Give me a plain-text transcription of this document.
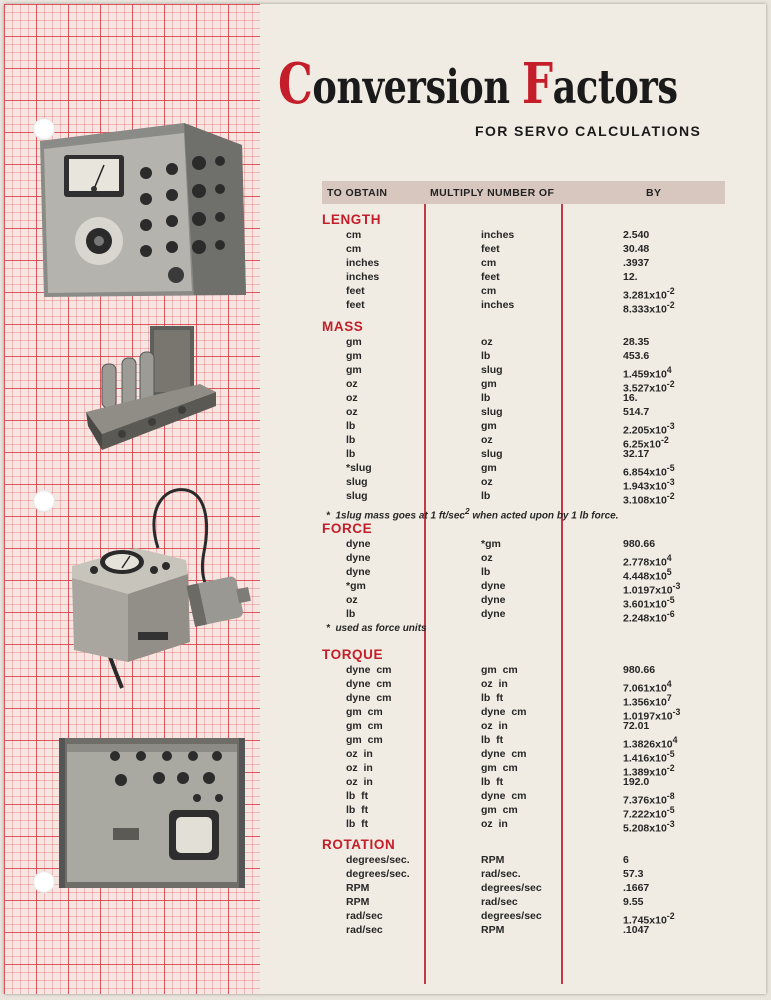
Conversion Factors
FOR SERVO CALCULATIONS
TO OBTAIN	MULTIPLY NUMBER OF	BY
LENGTH
cm	inches	2.540
cm	feet	30.48
inches	cm	.3937
inches	feet	12.
feet	cm	$3.281x10^{-2}$
feet	inches	$8.333x10^{-2}$
MASS
gm	oz	28.35
gm	lb	453.6
gm	slug	$1.459x10^4$
oz	gm	$3.527x10^{-2}$
oz	lb	16.
oz	slug	514.7
lb	gm	$2.205x10^{-3}$
lb	oz	$6.25x10^{-2}$
lb	slug	32.17
*slug	gm	$6.854x10^{-5}$
slug	oz	$1.943x10^{-3}$
slug	lb	$3.108x10^{-2}$
*  1slug mass goes at 1 $ft/\sec^2$ when acted upon by 1 lb force.
FORCE
dyne	*gm	980.66
dyne	oz	$2.778x10^4$
dyne	lb	$4.448x10^5$
*gm	dyne	$1.0197x10^{-3}$
oz	dyne	$3.601x10^{-5}$
lb	dyne	$2.248x10^{-6}$
*  used as force units
TORQUE
dyne  cm	gm  cm	980.66
dyne  cm	oz  in	$7.061x10^4$
dyne  cm	lb  ft	$1.356x10^7$
gm  cm	dyne  cm	$1.0197x10^{-3}$
gm  cm	oz  in	72.01
gm  cm	lb  ft	$1.3826x10^4$
oz  in	dyne  cm	$1.416x10^{-5}$
oz  in	gm  cm	$1.389x10^{-2}$
oz  in	lb  ft	192.0
lb  ft	dyne  cm	$7.376x10^{-8}$
lb  ft	gm  cm	$7.222x10^{-5}$
lb  ft	oz  in	$5.208x10^{-3}$
ROTATION
degrees/sec.	RPM	6
degrees/sec.	rad/sec.	57.3
RPM	degrees/sec	.1667
RPM	rad/sec	9.55
rad/sec	degrees/sec	$1.745x10^{-2}$
rad/sec	RPM	.1047
